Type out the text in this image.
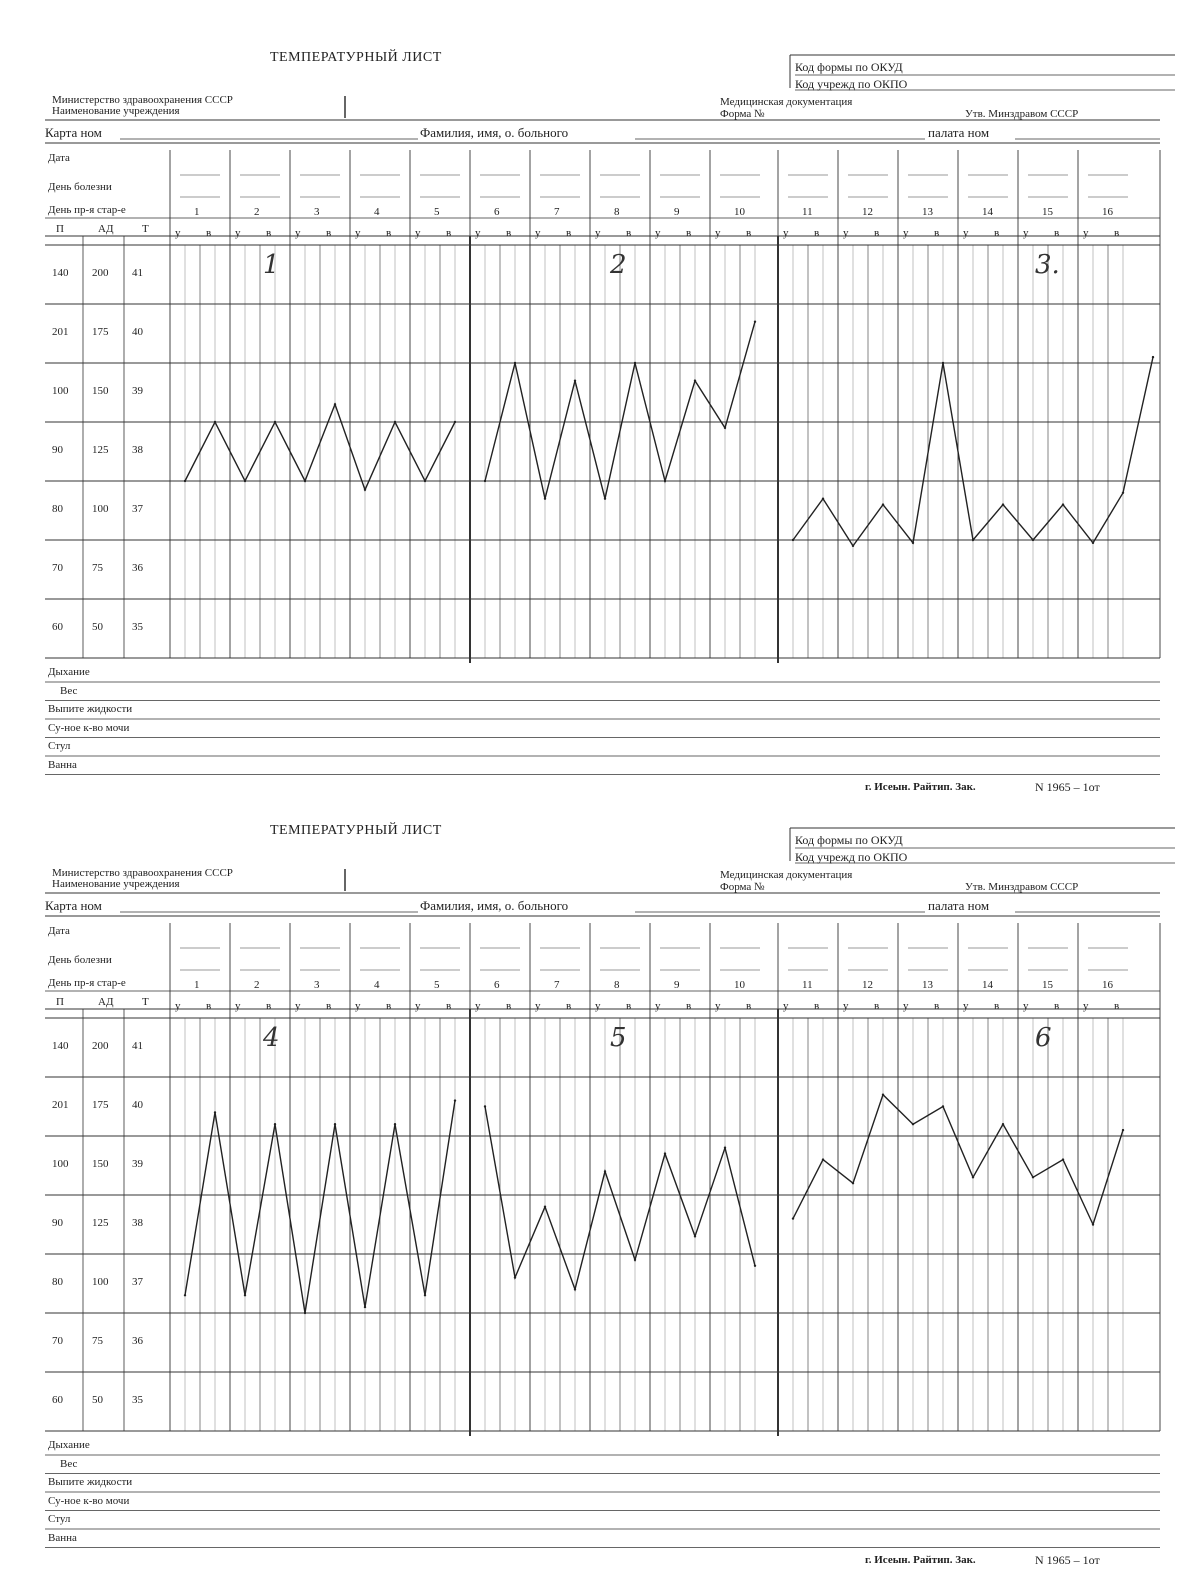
ТЕМПЕРАТУРНЫЙ ЛИСТ
Код формы по ОКУД
Код учрежд по ОКПО
Министерство здравоохранения СССР
Наименование учреждения
Медицинская документация
Форма №	Утв. Минздравом СССР
Карта ном	Фамилия, имя, о. больного	палата ном
Дата
День болезни
День пр-я стар-е
П	АД	Т
1
у в
2
у в
3
у в
4
у в
5
у в
6
у в
7
у в
8
у в
9
у в
10
у в
11
у в
12
у в
13
у в
14
у в
15
у в
16
у в
140 200 41
201 175 40
100 150 39
90	125 38
80	100 37
70	75	36
60	50	35
Дыхание
Вес
Выпите жидкости
Су-ное к-во мочи
Стул
Ванна
г. Исеын. Райтип. Зак.	N 1965 – 1от
1	2	3.
ТЕМПЕРАТУРНЫЙ ЛИСТ
Код формы по ОКУД
Код учрежд по ОКПО
Министерство здравоохранения СССР
Наименование учреждения
Медицинская документация
Форма №	Утв. Минздравом СССР
Карта ном	Фамилия, имя, о. больного	палата ном
Дата
День болезни
День пр-я стар-е
П	АД	Т
1
у в
2
у в
3
у в
4
у в
5
у в
6
у в
7
у в
8
у в
9
у в
10
у в
11
у в
12
у в
13
у в
14
у в
15
у в
16
у в
140 200 41
201 175 40
100 150 39
90	125 38
80	100 37
70	75	36
60	50	35
Дыхание
Вес
Выпите жидкости
Су-ное к-во мочи
Стул
Ванна
г. Исеын. Райтип. Зак.	N 1965 – 1от
4	5	6
